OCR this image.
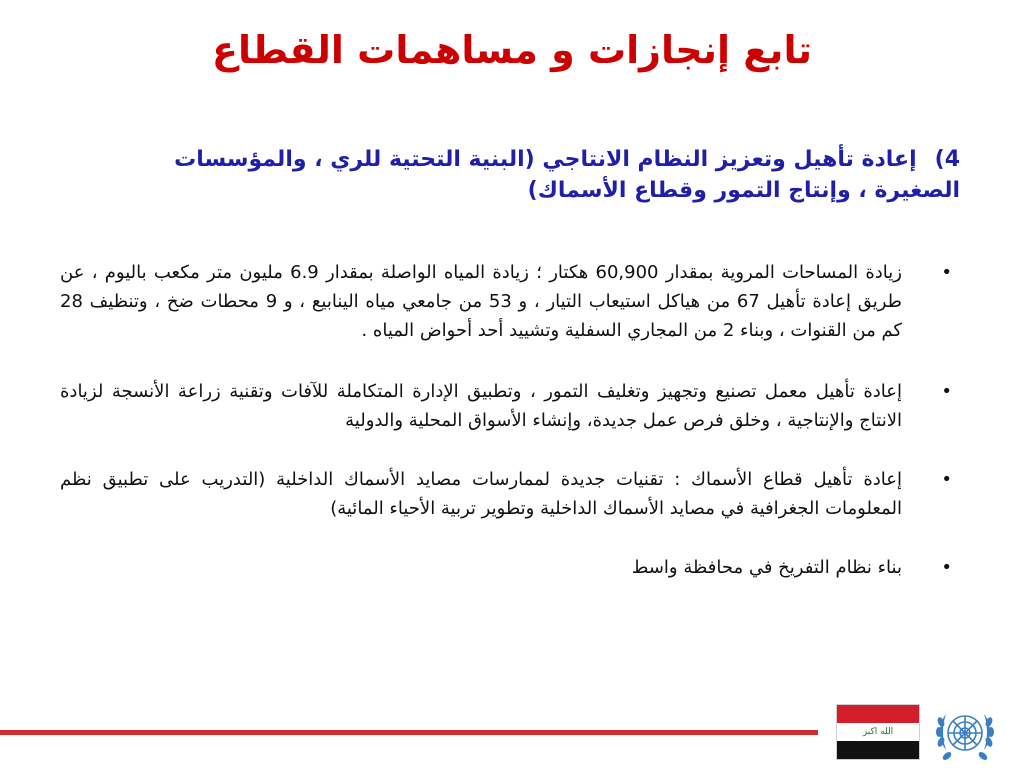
تابع إنجازات و مساهمات القطاع
4)إعادة تأهيل وتعزيز النظام الانتاجي (البنية التحتية للري ، والمؤسسات الصغيرة ، وإنتاج التمور وقطاع الأسماك)
• زيادة المساحات المروية بمقدار 60,900 هكتار ؛ زيادة المياه الواصلة بمقدار 6.9 مليون متر مكعب باليوم ، عن طريق إعادة تأهيل 67 من هياكل استيعاب التيار ، و 53 من جامعي مياه الينابيع ، و 9 محطات ضخ ، وتنظيف 28 كم من القنوات ، وبناء 2 من المجاري السفلية وتشييد أحد أحواض المياه .
• إعادة تأهيل معمل تصنيع وتجهيز وتغليف التمور ، وتطبيق الإدارة المتكاملة للآفات وتقنية زراعة الأنسجة لزيادة الانتاج والإنتاجية ، وخلق فرص عمل جديدة، وإنشاء الأسواق المحلية والدولية
• إعادة تأهيل قطاع الأسماك : تقنيات جديدة لممارسات مصايد الأسماك الداخلية (التدريب على تطبيق نظم المعلومات الجغرافية في مصايد الأسماك الداخلية وتطوير تربية الأحياء المائية)
• بناء نظام التفريخ في محافظة واسط
الله اكبر
